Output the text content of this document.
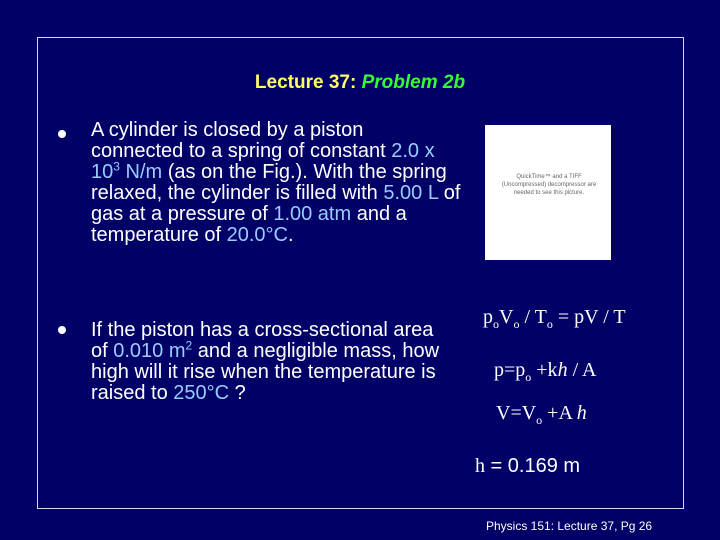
Lecture 37: Problem 2b
A cylinder is closed by a piston connected to a spring of constant 2.0 x $10^3$ N/m (as on the Fig.). With the spring relaxed, the cylinder is filled with 5.00 L of gas at a pressure of 1.00 atm and a temperature of 20.0°C.
If the piston has a cross-sectional area of 0.010 $m^2$ and a negligible mass, how high will it rise when the temperature is raised to 250°C ?
QuickTime™ and a TIFF (Uncompressed) decompressor are needed to see this picture.
$p_oV_o / T_o$ = pV / T
$p=p_o +kh / A$
$V=V_o +A$ h
h = 0.169 m
Physics 151: Lecture 37, Pg 26
